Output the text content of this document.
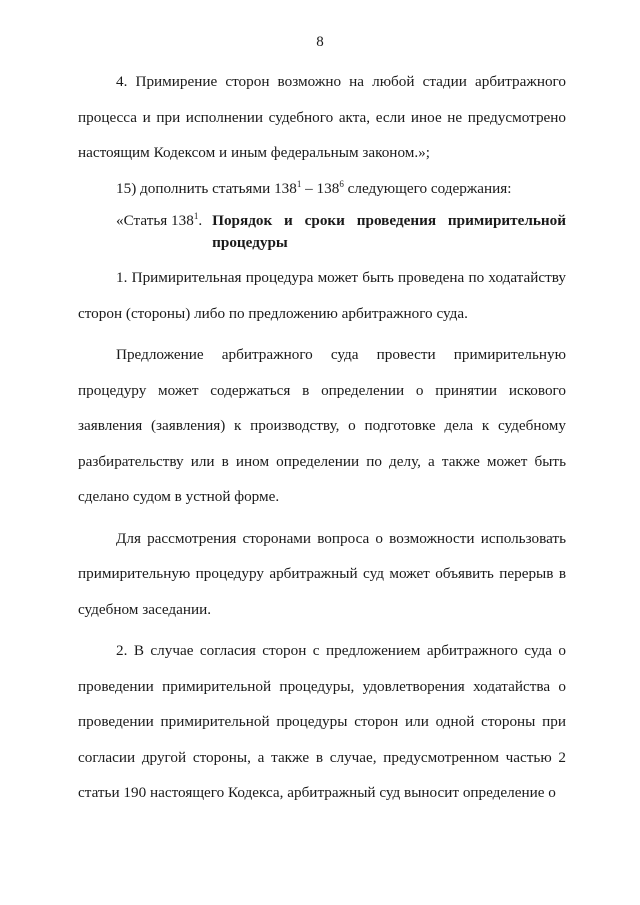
8

4. Примирение сторон возможно на любой стадии арбитражного процесса и при исполнении судебного акта, если иное не предусмотрено настоящим Кодексом и иным федеральным законом.»;

15) дополнить статьями $138^1 - 138^6$ следующего содержания:

«Статья $138^1$. Порядок и сроки проведения примирительной процедуры

1. Примирительная процедура может быть проведена по ходатайству сторон (стороны) либо по предложению арбитражного суда.

Предложение арбитражного суда провести примирительную процедуру может содержаться в определении о принятии искового заявления (заявления) к производству, о подготовке дела к судебному разбирательству или в ином определении по делу, а также может быть сделано судом в устной форме.

Для рассмотрения сторонами вопроса о возможности использовать примирительную процедуру арбитражный суд может объявить перерыв в судебном заседании.

2. В случае согласия сторон с предложением арбитражного суда о проведении примирительной процедуры, удовлетворения ходатайства о проведении примирительной процедуры сторон или одной стороны при согласии другой стороны, а также в случае, предусмотренном частью 2 статьи 190 настоящего Кодекса, арбитражный суд выносит определение о
